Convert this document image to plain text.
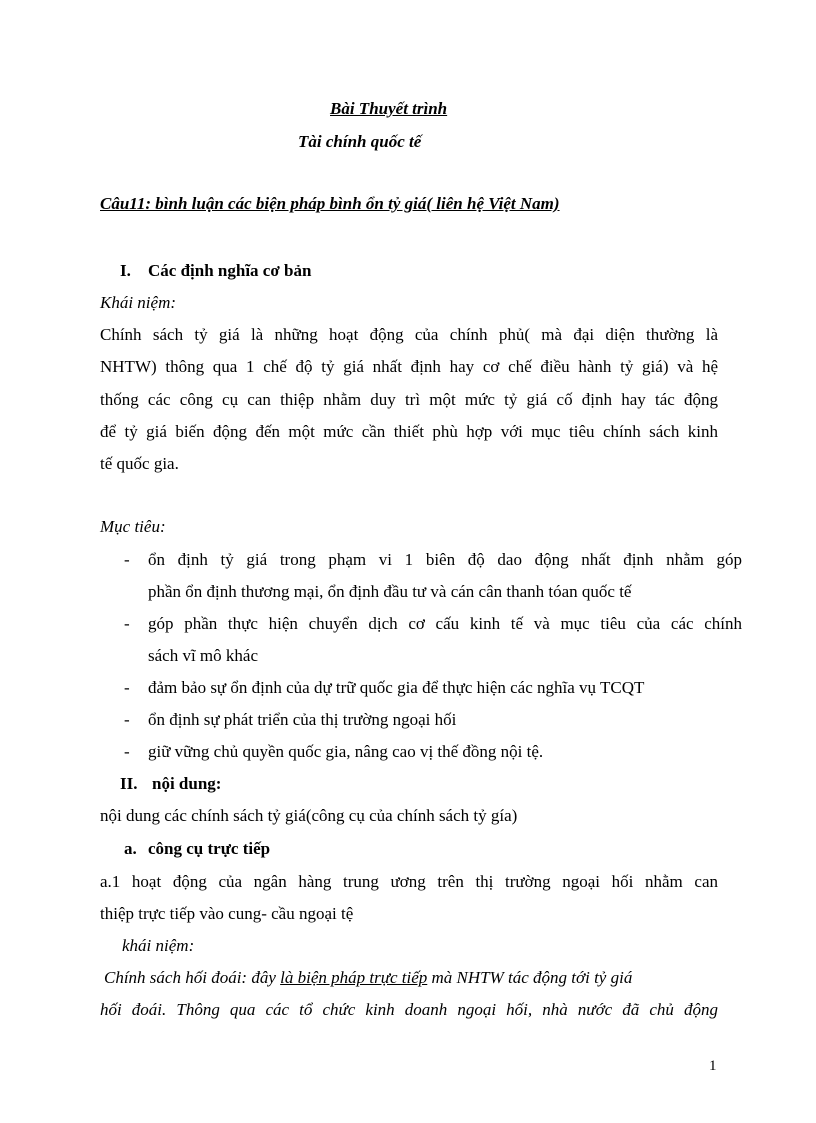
Bài Thuyết trình
Tài chính quốc tế
Câu11: bình luận các biện pháp bình ổn tỷ giá( liên hệ Việt Nam)
I. Các định nghĩa cơ bản
Khái niệm:
Chính sách tỷ giá là những hoạt động của chính phủ( mà đại diện thường là
NHTW) thông qua 1 chế độ tỷ giá nhất định hay cơ chế điều hành tỷ giá) và hệ
thống các công cụ can thiệp nhằm duy trì một mức tỷ giá cố định hay tác động
để tỷ giá biến động đến một mức cần thiết phù hợp với mục tiêu chính sách kinh
tế quốc gia.
Mục tiêu:
-	ổn định tỷ giá trong phạm vi 1 biên độ dao động nhất định nhằm góp
phần ổn định thương mại, ổn định đầu tư và cán cân thanh tóan quốc tế
-	góp phần thực hiện chuyển dịch cơ cấu kinh tế và mục tiêu của các chính
sách vĩ mô khác
- đảm bảo sự ổn định của dự trữ quốc gia để thực hiện các nghĩa vụ TCQT
- ổn định sự phát triển của thị trường ngoại hối
- giữ vững chủ quyền quốc gia, nâng cao vị thế đồng nội tệ.
II. nội dung:
nội dung các chính sách tỷ giá(công cụ của chính sách tỷ gía)
a. công cụ trực tiếp
a.1 hoạt động của ngân hàng trung ương trên thị trường ngoại hối nhằm can
thiệp trực tiếp vào cung- cầu ngoại tệ
khái niệm:
Chính sách hối đoái: đây là biện pháp trực tiếp mà NHTW tác động tới tỷ giá
hối đoái. Thông qua các tổ chức kinh doanh ngoại hối, nhà nước đã chủ động
1
